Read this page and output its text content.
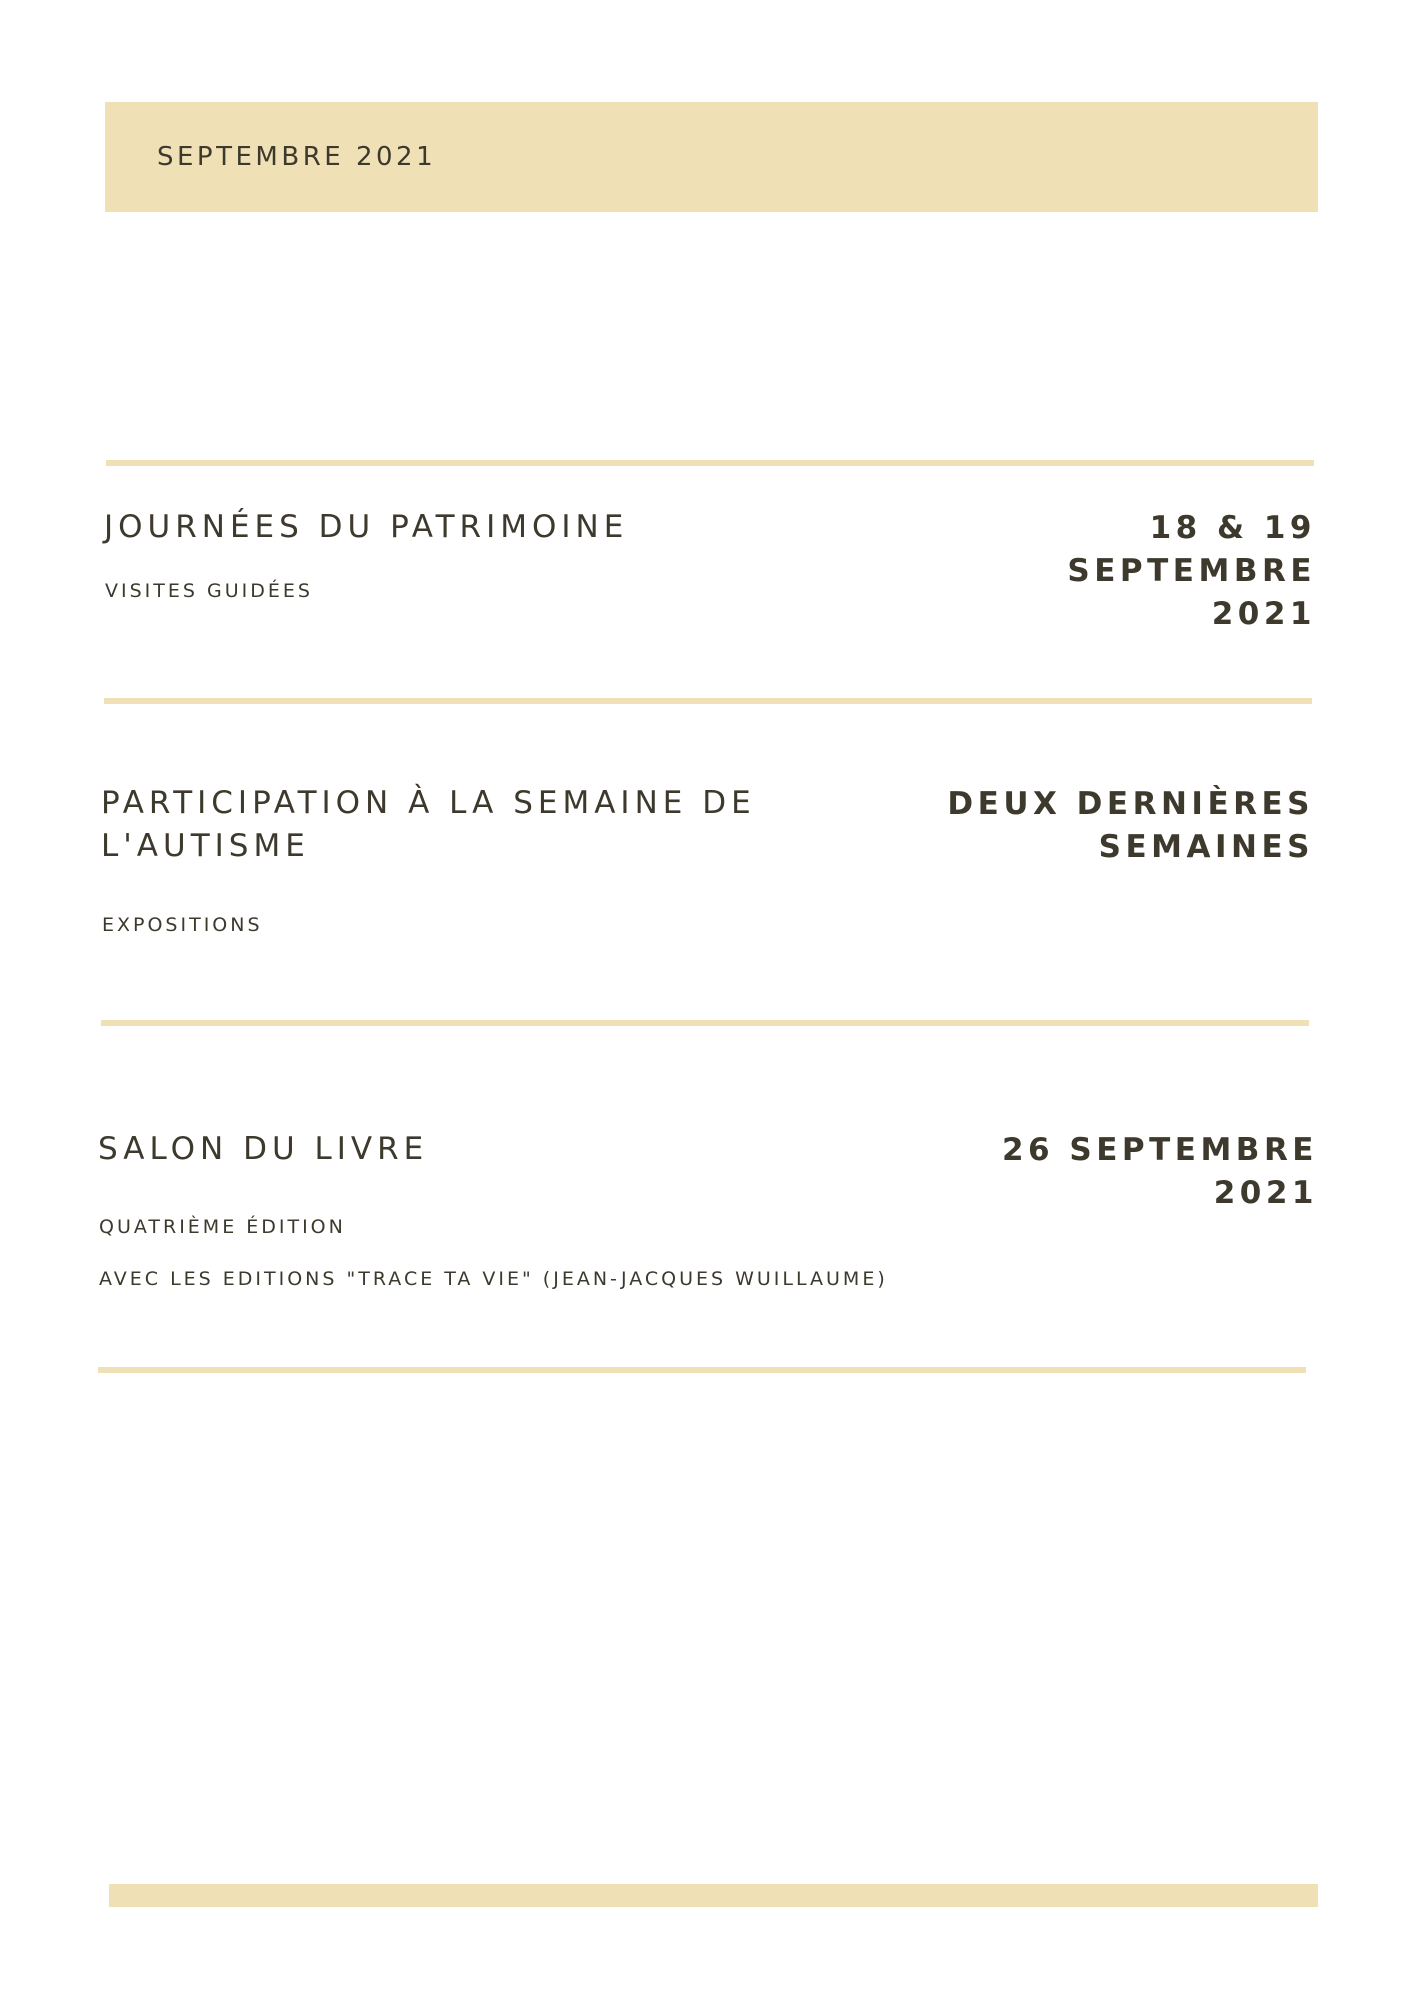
SEPTEMBRE 2021
JOURNÉES DU PATRIMOINE
VISITES GUIDÉES
18 & 19 SEPTEMBRE
2021
PARTICIPATION À LA SEMAINE DE
L'AUTISME
EXPOSITIONS
DEUX DERNIÈRES
SEMAINES
SALON DU LIVRE
QUATRIÈME ÉDITION
AVEC LES EDITIONS "TRACE TA VIE" (JEAN-JACQUES WUILLAUME)
26 SEPTEMBRE
2021
